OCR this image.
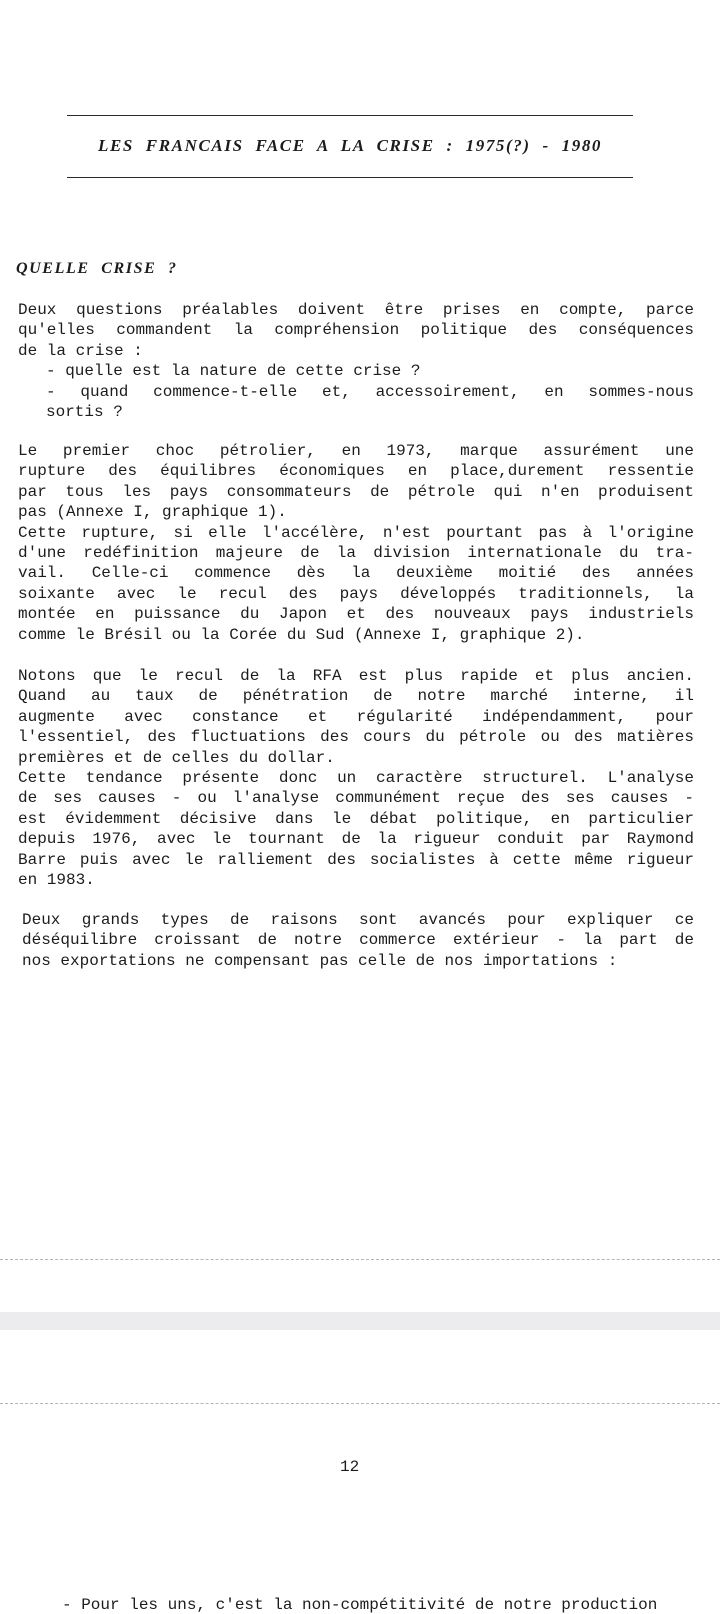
LES FRANCAIS FACE A LA CRISE : 1975(?) - 1980
QUELLE CRISE ?
Deux questions préalables doivent être prises en compte, parce
qu'elles commandent la compréhension politique des conséquences
de la crise :
- quelle est la nature de cette crise ?
- quand commence-t-elle et, accessoirement, en sommes-nous
sortis ?
Le premier choc pétrolier, en 1973, marque assurément une
rupture des équilibres économiques en place,durement ressentie
par tous les pays consommateurs de pétrole qui n'en produisent
pas (Annexe I, graphique 1).
Cette rupture, si elle l'accélère, n'est pourtant pas à l'origine
d'une redéfinition majeure de la division internationale du tra-
vail. Celle-ci commence dès la deuxième moitié des années
soixante avec le recul des pays développés traditionnels, la
montée en puissance du Japon et des nouveaux pays industriels
comme le Brésil ou la Corée du Sud (Annexe I, graphique 2).
Notons que le recul de la RFA est plus rapide et plus ancien.
Quand au taux de pénétration de notre marché interne, il
augmente avec constance et régularité indépendamment, pour
l'essentiel, des fluctuations des cours du pétrole ou des matières
premières et de celles du dollar.
Cette tendance présente donc un caractère structurel. L'analyse
de ses causes - ou l'analyse communément reçue des ses causes -
est évidemment décisive dans le débat politique, en particulier
depuis 1976, avec le tournant de la rigueur conduit par Raymond
Barre puis avec le ralliement des socialistes à cette même rigueur
en 1983.
Deux grands types de raisons sont avancés pour expliquer ce
déséquilibre croissant de notre commerce extérieur - la part de
nos exportations ne compensant pas celle de nos importations :
12
- Pour les uns, c'est la non-compétitivité de notre production
